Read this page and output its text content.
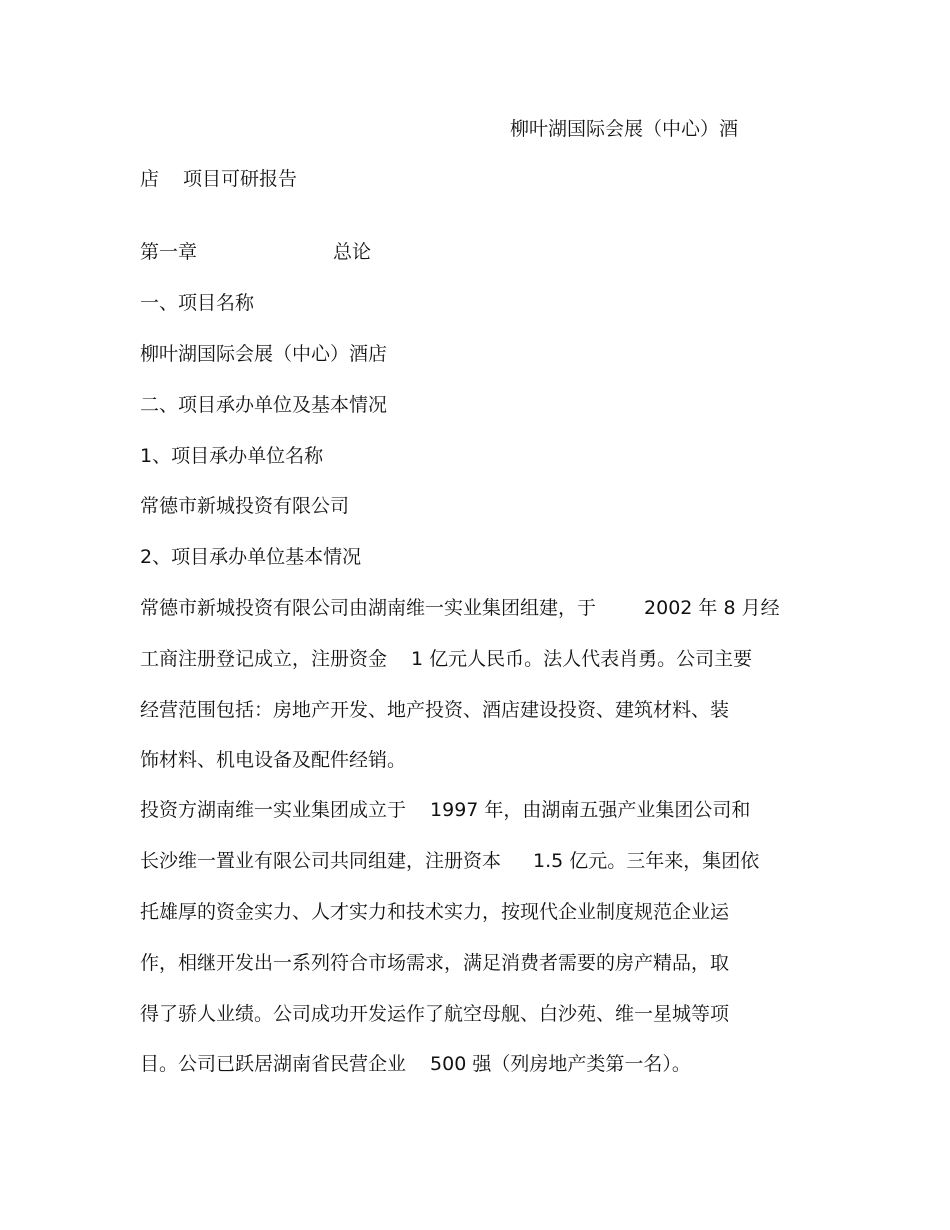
柳叶湖国际会展（中心）酒
店 项目可研报告
第一章	总论
一、项目名称
柳叶湖国际会展（中心）酒店
二、项目承办单位及基本情况
1、项目承办单位名称
常德市新城投资有限公司
2、项目承办单位基本情况
常德市新城投资有限公司由湖南维一实业集团组建，于	2002 年 8 月经
工商注册登记成立，注册资金 1 亿元人民币。法人代表肖勇。公司主要
经营范围包括：房地产开发、地产投资、酒店建设投资、建筑材料、装
饰材料、机电设备及配件经销。
投资方湖南维一实业集团成立于 1997 年，由湖南五强产业集团公司和
长沙维一置业有限公司共同组建，注册资本 1.5 亿元。三年来，集团依
托雄厚的资金实力、人才实力和技术实力，按现代企业制度规范企业运
作，相继开发出一系列符合市场需求，满足消费者需要的房产精品，取
得了骄人业绩。公司成功开发运作了航空母舰、白沙苑、维一星城等项
目。公司已跃居湖南省民营企业 500 强（列房地产类第一名）。
